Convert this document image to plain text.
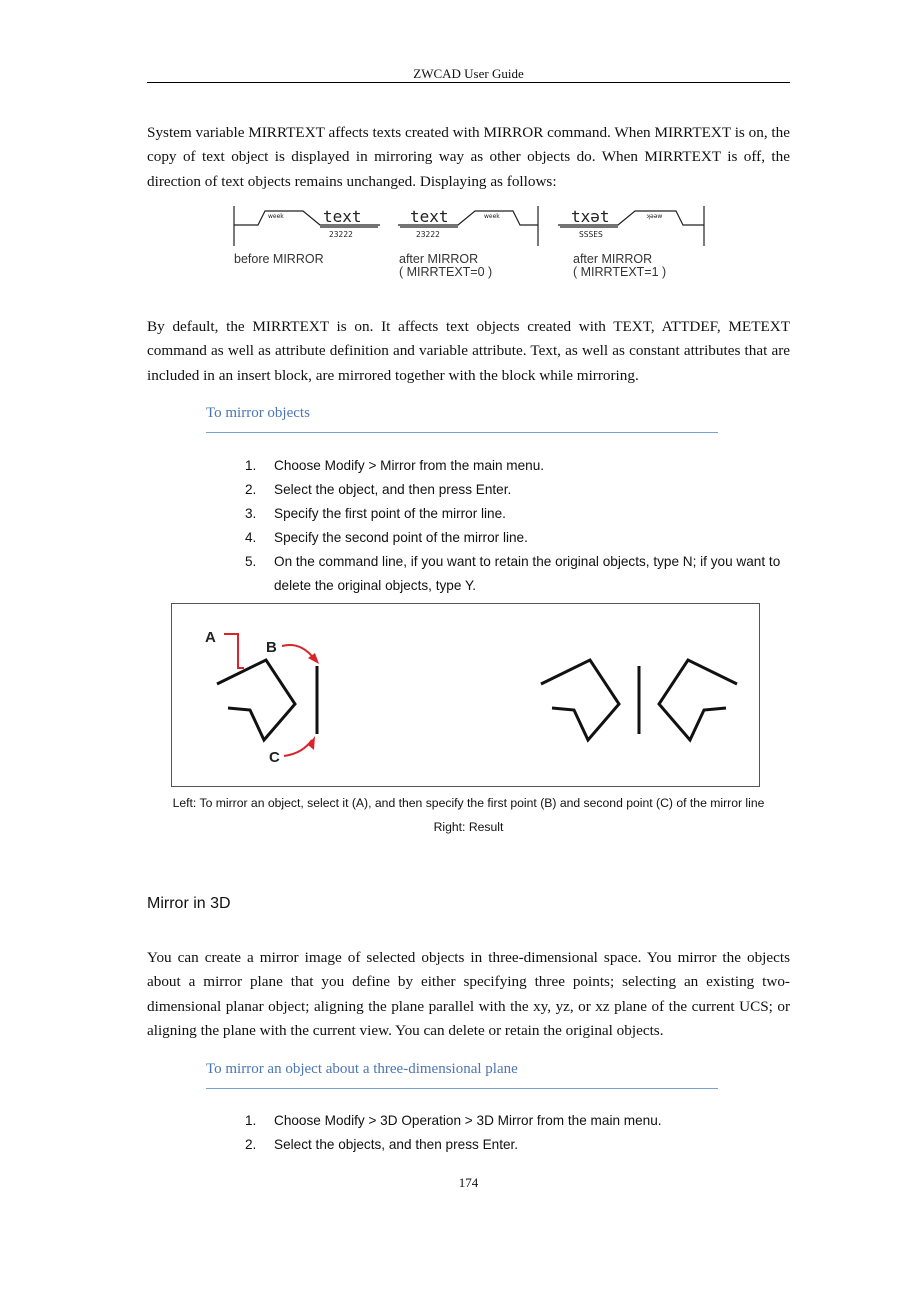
ZWCAD User Guide
System variable MIRRTEXT affects texts created with MIRROR command. When MIRRTEXT is on, the copy of text object is displayed in mirroring way as other objects do. When MIRRTEXT is off, the direction of text objects remains unchanged. Displaying as follows:
week text
23222
before MIRROR
text	week
23222
after MIRROR
( MIRRTEXT=0 )
txət	ʞəəw
SSSES
after MIRROR
( MIRRTEXT=1 )
By default, the MIRRTEXT is on. It affects text objects created with TEXT, ATTDEF, METEXT command as well as attribute definition and variable attribute. Text, as well as constant attributes that are included in an insert block, are mirrored together with the block while mirroring.
To mirror objects
1. Choose Modify > Mirror from the main menu.
2. Select the object, and then press Enter.
3. Specify the first point of the mirror line.
4. Specify the second point of the mirror line.
5. On the command line, if you want to retain the original objects, type N; if you want to delete the original objects, type Y.
A
B
C
Left: To mirror an object, select it (A), and then specify the first point (B) and second point (C) of the mirror line
Right: Result
Mirror in 3D
You can create a mirror image of selected objects in three-dimensional space. You mirror the objects about a mirror plane that you define by either specifying three points; selecting an existing two-dimensional planar object; aligning the plane parallel with the xy, yz, or xz plane of the current UCS; or aligning the plane with the current view. You can delete or retain the original objects.
To mirror an object about a three-dimensional plane
1. Choose Modify > 3D Operation > 3D Mirror from the main menu.
2. Select the objects, and then press Enter.
174
